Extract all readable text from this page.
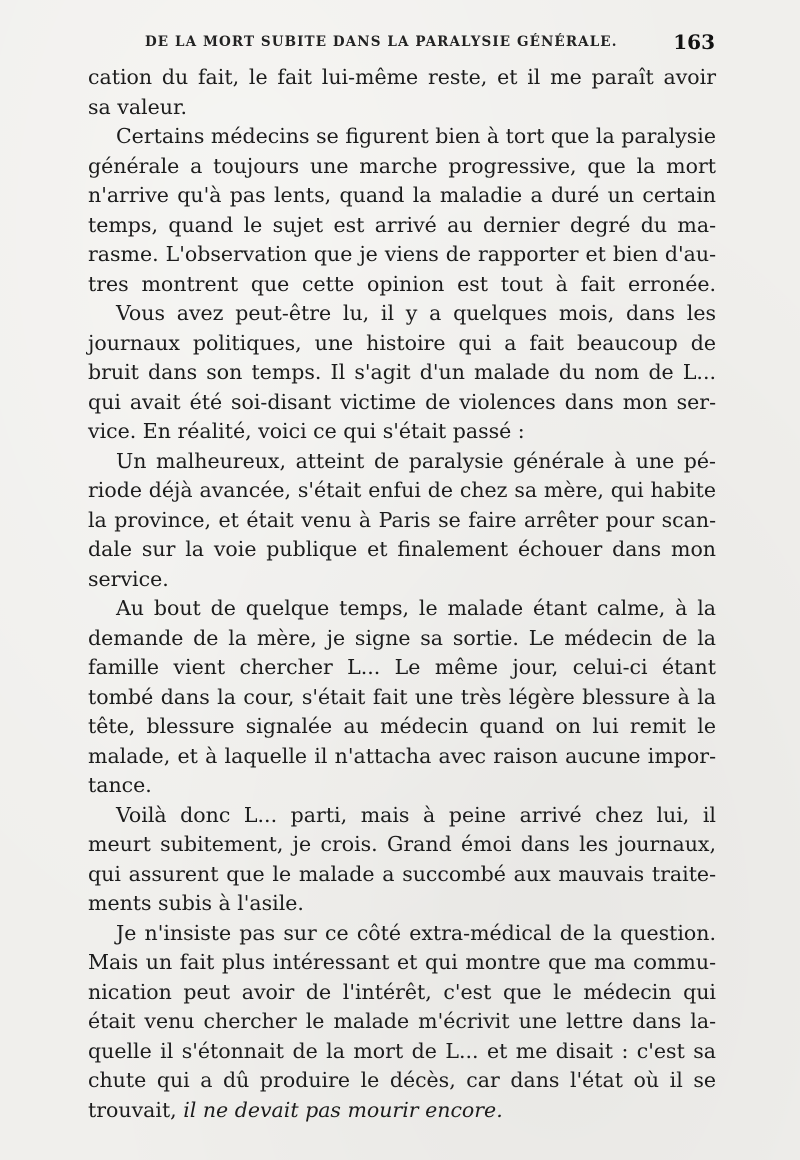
DE LA MORT SUBITE DANS LA PARALYSIE GÉNÉRALE.	163
cation du fait, le fait lui-même reste, et il me paraît avoir
sa valeur.
Certains médecins se figurent bien à tort que la paralysie
générale a toujours une marche progressive, que la mort
n'arrive qu'à pas lents, quand la maladie a duré un certain
temps, quand le sujet est arrivé au dernier degré du ma-
rasme. L'observation que je viens de rapporter et bien d'au-
tres montrent que cette opinion est tout à fait erronée.
Vous avez peut-être lu, il y a quelques mois, dans les
journaux politiques, une histoire qui a fait beaucoup de
bruit dans son temps. Il s'agit d'un malade du nom de L...
qui avait été soi-disant victime de violences dans mon ser-
vice. En réalité, voici ce qui s'était passé :
Un malheureux, atteint de paralysie générale à une pé-
riode déjà avancée, s'était enfui de chez sa mère, qui habite
la province, et était venu à Paris se faire arrêter pour scan-
dale sur la voie publique et finalement échouer dans mon
service.
Au bout de quelque temps, le malade étant calme, à la
demande de la mère, je signe sa sortie. Le médecin de la
famille vient chercher L... Le même jour, celui-ci étant
tombé dans la cour, s'était fait une très légère blessure à la
tête, blessure signalée au médecin quand on lui remit le
malade, et à laquelle il n'attacha avec raison aucune impor-
tance.
Voilà donc L... parti, mais à peine arrivé chez lui, il
meurt subitement, je crois. Grand émoi dans les journaux,
qui assurent que le malade a succombé aux mauvais traite-
ments subis à l'asile.
Je n'insiste pas sur ce côté extra-médical de la question.
Mais un fait plus intéressant et qui montre que ma commu-
nication peut avoir de l'intérêt, c'est que le médecin qui
était venu chercher le malade m'écrivit une lettre dans la-
quelle il s'étonnait de la mort de L... et me disait : c'est sa
chute qui a dû produire le décès, car dans l'état où il se
trouvait, il ne devait pas mourir encore.
